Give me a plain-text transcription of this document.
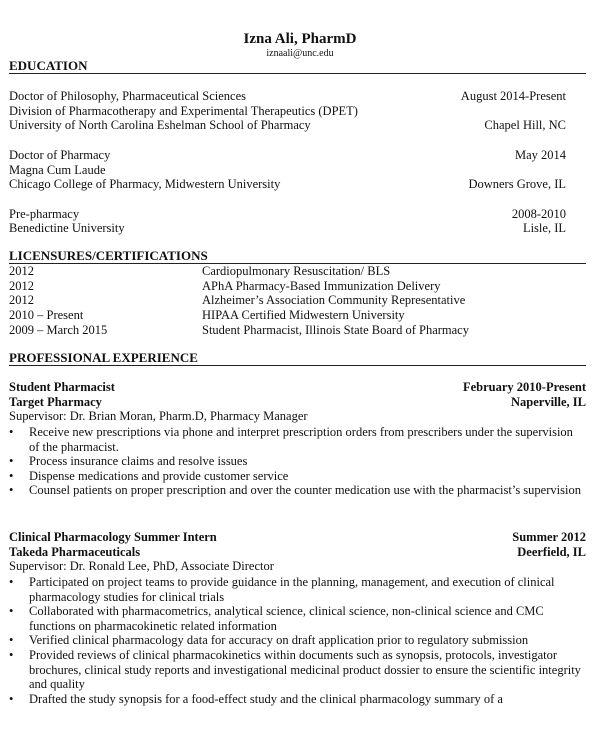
Izna Ali, PharmD
iznaali@unc.edu
EDUCATION
Doctor of Philosophy, Pharmaceutical Sciences	August 2014-Present
Division of Pharmacotherapy and Experimental Therapeutics (DPET)
University of North Carolina Eshelman School of Pharmacy	Chapel Hill, NC
Doctor of Pharmacy	May 2014
Magna Cum Laude
Chicago College of Pharmacy, Midwestern University	Downers Grove, IL
Pre-pharmacy	2008-2010
Benedictine University	Lisle, IL
LICENSURES/CERTIFICATIONS
2012	Cardiopulmonary Resuscitation/ BLS
2012	APhA Pharmacy-Based Immunization Delivery
2012	Alzheimer’s Association Community Representative
2010 – Present	HIPAA Certified Midwestern University
2009 – March 2015	Student Pharmacist, Illinois State Board of Pharmacy
PROFESSIONAL EXPERIENCE
Student Pharmacist	February 2010-Present
Target Pharmacy	Naperville, IL
Supervisor: Dr. Brian Moran, Pharm.D, Pharmacy Manager
• Receive new prescriptions via phone and interpret prescription orders from prescribers under the supervision of the pharmacist.
• Process insurance claims and resolve issues
• Dispense medications and provide customer service
• Counsel patients on proper prescription and over the counter medication use with the pharmacist’s supervision
Clinical Pharmacology Summer Intern	Summer 2012
Takeda Pharmaceuticals	Deerfield, IL
Supervisor: Dr. Ronald Lee, PhD, Associate Director
• Participated on project teams to provide guidance in the planning, management, and execution of clinical pharmacology studies for clinical trials
• Collaborated with pharmacometrics, analytical science, clinical science, non-clinical science and CMC functions on pharmacokinetic related information
• Verified clinical pharmacology data for accuracy on draft application prior to regulatory submission
• Provided reviews of clinical pharmacokinetics within documents such as synopsis, protocols, investigator brochures, clinical study reports and investigational medicinal product dossier to ensure the scientific integrity and quality
• Drafted the study synopsis for a food-effect study and the clinical pharmacology summary of a
